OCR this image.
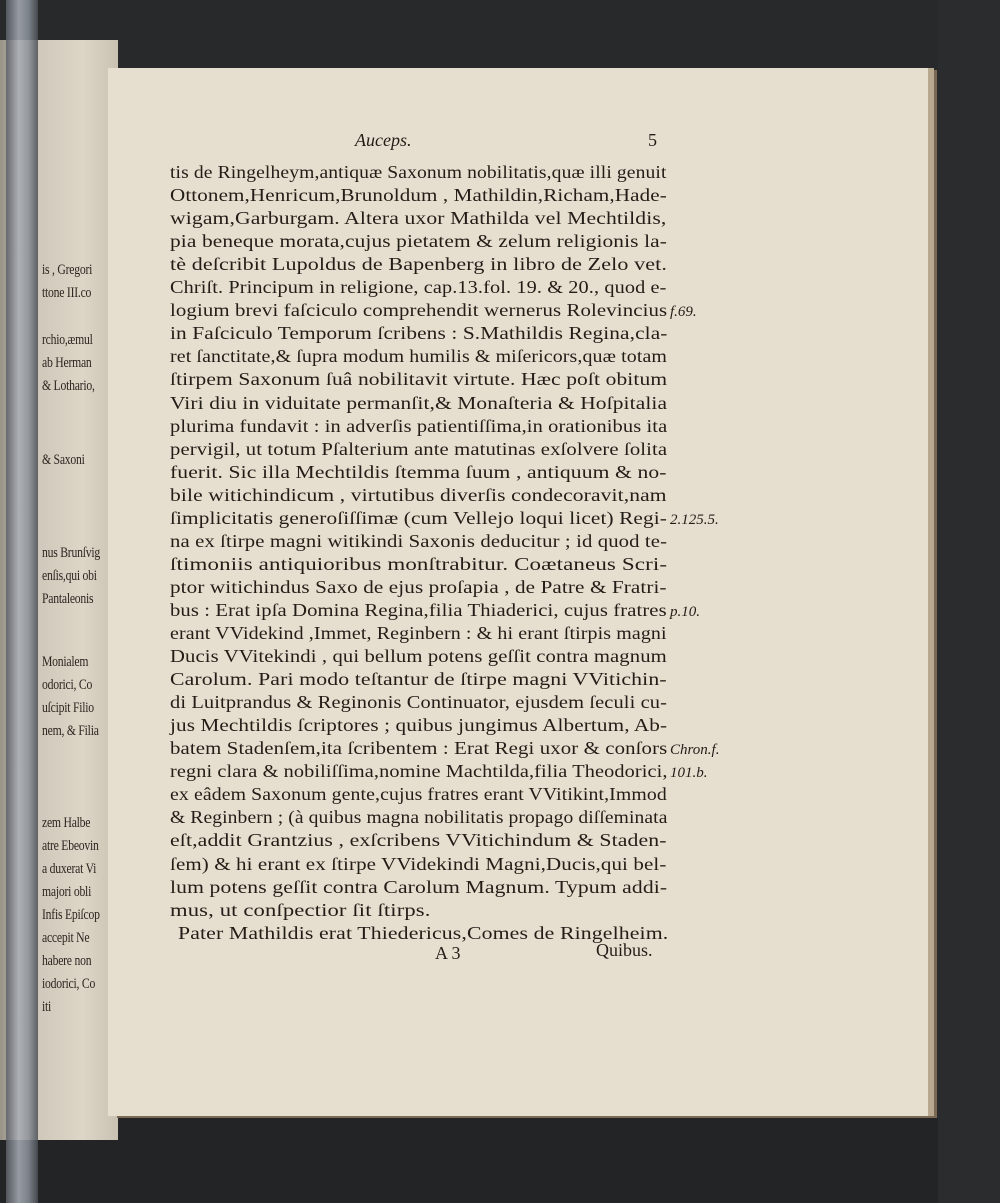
is , Gregori
ttone III.co
rchio,æmul
ab Herman
& Lothario,
& Saxoni
nus Brunſvig
enſis,qui obi
Pantaleonis
Monialem
odorici, Co
uſcipit Filio
nem, & Filia
zem Halbe
atre Ebeovin
a duxerat Vi
majori obli
Infis Epiſcop
accepit Ne
habere non
iodorici, Co
iti
Auceps.	5
tis de Ringelheym,antiquæ Saxonum nobilitatis,quæ illi genuit
Ottonem,Henricum,Brunoldum , Mathildin,Richam,Hade-
wigam,Garburgam. Altera uxor Mathilda vel Mechtildis,
pia beneque morata,cujus pietatem & zelum religionis la-
tè deſcribit Lupoldus de Bapenberg in libro de Zelo vet.
Chriſt. Principum in religione, cap.13.fol. 19. & 20., quod e-
logium brevi faſciculo comprehendit wernerus Rolevincius
in Faſciculo Temporum ſcribens : S.Mathildis Regina,cla-
ret ſanctitate,& ſupra modum humilis & miſericors,quæ totam
ſtirpem Saxonum ſuâ nobilitavit virtute. Hæc poſt obitum
Viri diu in viduitate permanſit,& Monaſteria & Hoſpitalia
plurima fundavit : in adverſis patientiſſima,in orationibus ita
pervigil, ut totum Pſalterium ante matutinas exſolvere ſolita
fuerit. Sic illa Mechtildis ſtemma ſuum , antiquum & no-
bile witichindicum , virtutibus diverſis condecoravit,nam
ſimplicitatis generoſiſſimæ (cum Vellejo loqui licet) Regi-
na ex ſtirpe magni witikindi Saxonis deducitur ; id quod te-
ſtimoniis antiquioribus monſtrabitur. Coætaneus Scri-
ptor witichindus Saxo de ejus proſapia , de Patre & Fratri-
bus : Erat ipſa Domina Regina,filia Thiaderici, cujus fratres
erant VVidekind ,Immet, Reginbern : & hi erant ſtirpis magni
Ducis VVitekindi , qui bellum potens geſſit contra magnum
Carolum. Pari modo teſtantur de ſtirpe magni VVitichin-
di Luitprandus & Reginonis Continuator, ejusdem ſeculi cu-
jus Mechtildis ſcriptores ; quibus jungimus Albertum, Ab-
batem Stadenſem,ita ſcribentem : Erat Regi uxor & conſors
regni clara & nobiliſſima,nomine Machtilda,filia Theodorici,
ex eâdem Saxonum gente,cujus fratres erant VVitikint,Immod
& Reginbern ; (à quibus magna nobilitatis propago diſſeminata
eſt,addit Grantzius , exſcribens VVitichindum & Staden-
ſem) & hi erant ex ſtirpe VVidekindi Magni,Ducis,qui bel-
lum potens geſſit contra Carolum Magnum. Typum addi-
mus, ut conſpectior ſit ſtirps.
Pater Mathildis erat Thiedericus,Comes de Ringelheim.
f.69.
2.125.5.
p.10.
Chron.f.
101.b.
A 3	Quibus.
